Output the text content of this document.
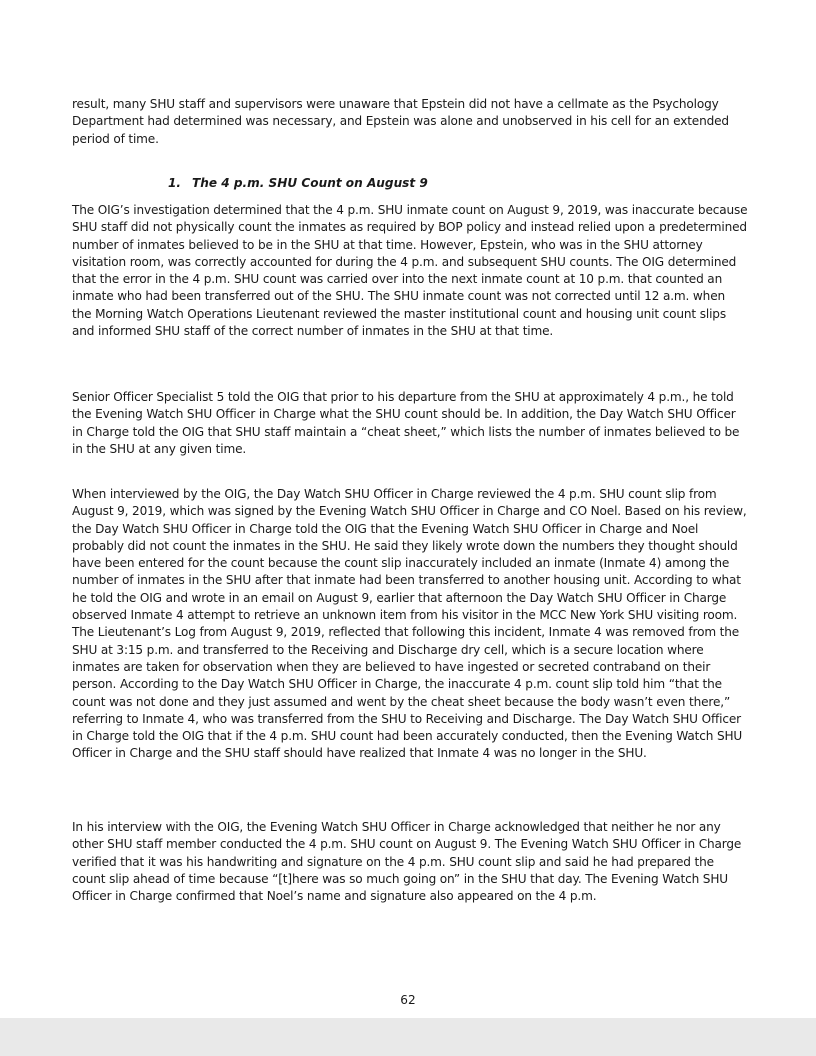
result, many SHU staff and supervisors were unaware that Epstein did not have a cellmate as the Psychology Department had determined was necessary, and Epstein was alone and unobserved in his cell for an extended period of time.

1. The 4 p.m. SHU Count on August 9

The OIG’s investigation determined that the 4 p.m. SHU inmate count on August 9, 2019, was inaccurate because SHU staff did not physically count the inmates as required by BOP policy and instead relied upon a predetermined number of inmates believed to be in the SHU at that time. However, Epstein, who was in the SHU attorney visitation room, was correctly accounted for during the 4 p.m. and subsequent SHU counts. The OIG determined that the error in the 4 p.m. SHU count was carried over into the next inmate count at 10 p.m. that counted an inmate who had been transferred out of the SHU. The SHU inmate count was not corrected until 12 a.m. when the Morning Watch Operations Lieutenant reviewed the master institutional count and housing unit count slips and informed SHU staff of the correct number of inmates in the SHU at that time.

Senior Officer Specialist 5 told the OIG that prior to his departure from the SHU at approximately 4 p.m., he told the Evening Watch SHU Officer in Charge what the SHU count should be. In addition, the Day Watch SHU Officer in Charge told the OIG that SHU staff maintain a “cheat sheet,” which lists the number of inmates believed to be in the SHU at any given time.

When interviewed by the OIG, the Day Watch SHU Officer in Charge reviewed the 4 p.m. SHU count slip from August 9, 2019, which was signed by the Evening Watch SHU Officer in Charge and CO Noel. Based on his review, the Day Watch SHU Officer in Charge told the OIG that the Evening Watch SHU Officer in Charge and Noel probably did not count the inmates in the SHU. He said they likely wrote down the numbers they thought should have been entered for the count because the count slip inaccurately included an inmate (Inmate 4) among the number of inmates in the SHU after that inmate had been transferred to another housing unit. According to what he told the OIG and wrote in an email on August 9, earlier that afternoon the Day Watch SHU Officer in Charge observed Inmate 4 attempt to retrieve an unknown item from his visitor in the MCC New York SHU visiting room. The Lieutenant’s Log from August 9, 2019, reflected that following this incident, Inmate 4 was removed from the SHU at 3:15 p.m. and transferred to the Receiving and Discharge dry cell, which is a secure location where inmates are taken for observation when they are believed to have ingested or secreted contraband on their person. According to the Day Watch SHU Officer in Charge, the inaccurate 4 p.m. count slip told him “that the count was not done and they just assumed and went by the cheat sheet because the body wasn’t even there,” referring to Inmate 4, who was transferred from the SHU to Receiving and Discharge. The Day Watch SHU Officer in Charge told the OIG that if the 4 p.m. SHU count had been accurately conducted, then the Evening Watch SHU Officer in Charge and the SHU staff should have realized that Inmate 4 was no longer in the SHU.

In his interview with the OIG, the Evening Watch SHU Officer in Charge acknowledged that neither he nor any other SHU staff member conducted the 4 p.m. SHU count on August 9. The Evening Watch SHU Officer in Charge verified that it was his handwriting and signature on the 4 p.m. SHU count slip and said he had prepared the count slip ahead of time because “[t]here was so much going on” in the SHU that day. The Evening Watch SHU Officer in Charge confirmed that Noel’s name and signature also appeared on the 4 p.m.

62
